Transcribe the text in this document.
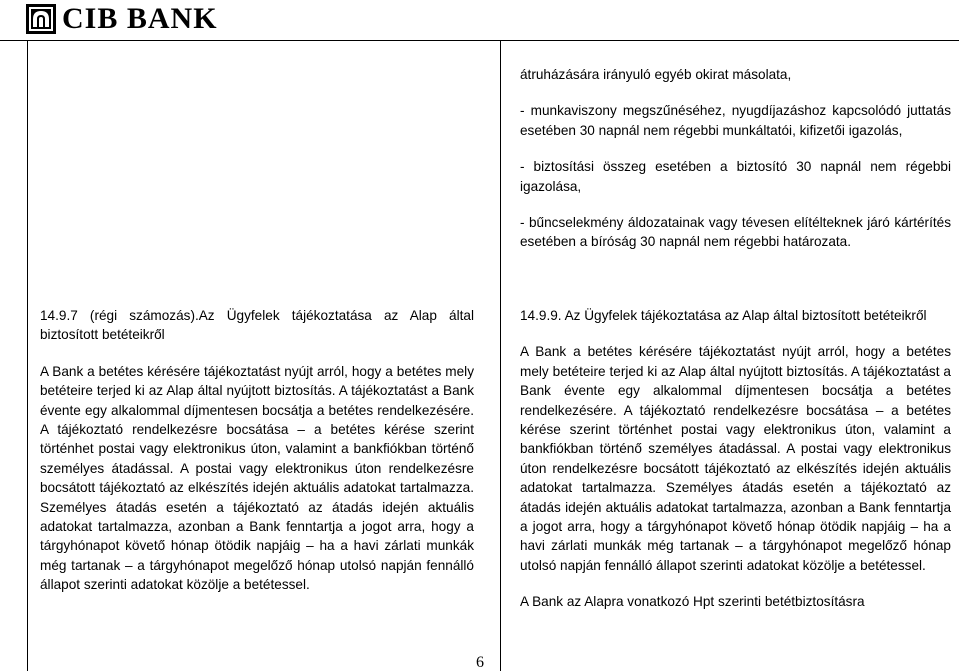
CIB BANK

átruházására irányuló egyéb okirat másolata,

- munkaviszony megszűnéséhez, nyugdíjazáshoz kapcsolódó juttatás esetében 30 napnál nem régebbi munkáltatói, kifizetői igazolás,

- biztosítási összeg esetében a biztosító 30 napnál nem régebbi igazolása,

- bűncselekmény áldozatainak vagy tévesen elítélteknek járó kártérítés esetében a bíróság 30 napnál nem régebbi határozata.

14.9.7 (régi számozás).Az Ügyfelek tájékoztatása az Alap által biztosított betéteikről

A Bank a betétes kérésére tájékoztatást nyújt arról, hogy a betétes mely betéteire terjed ki az Alap által nyújtott biztosítás. A tájékoztatást a Bank évente egy alkalommal díjmentesen bocsátja a betétes rendelkezésére. A tájékoztató rendelkezésre bocsátása – a betétes kérése szerint történhet postai vagy elektronikus úton, valamint a bankfiókban történő személyes átadással. A postai vagy elektronikus úton rendelkezésre bocsátott tájékoztató az elkészítés idején aktuális adatokat tartalmazza. Személyes átadás esetén a tájékoztató az átadás idején aktuális adatokat tartalmazza, azonban a Bank fenntartja a jogot arra, hogy a tárgyhónapot követő hónap ötödik napjáig – ha a havi zárlati munkák még tartanak – a tárgyhónapot megelőző hónap utolsó napján fennálló állapot szerinti adatokat közölje a betétessel.

14.9.9. Az Ügyfelek tájékoztatása az Alap által biztosított betéteikről

A Bank a betétes kérésére tájékoztatást nyújt arról, hogy a betétes mely betéteire terjed ki az Alap által nyújtott biztosítás. A tájékoztatást a Bank évente egy alkalommal díjmentesen bocsátja a betétes rendelkezésére. A tájékoztató rendelkezésre bocsátása – a betétes kérése szerint történhet postai vagy elektronikus úton, valamint a bankfiókban történő személyes átadással. A postai vagy elektronikus úton rendelkezésre bocsátott tájékoztató az elkészítés idején aktuális adatokat tartalmazza. Személyes átadás esetén a tájékoztató az átadás idején aktuális adatokat tartalmazza, azonban a Bank fenntartja a jogot arra, hogy a tárgyhónapot követő hónap ötödik napjáig – ha a havi zárlati munkák még tartanak – a tárgyhónapot megelőző hónap utolsó napján fennálló állapot szerinti adatokat közölje a betétessel.

A Bank az Alapra vonatkozó Hpt szerinti betétbiztosításra

6
